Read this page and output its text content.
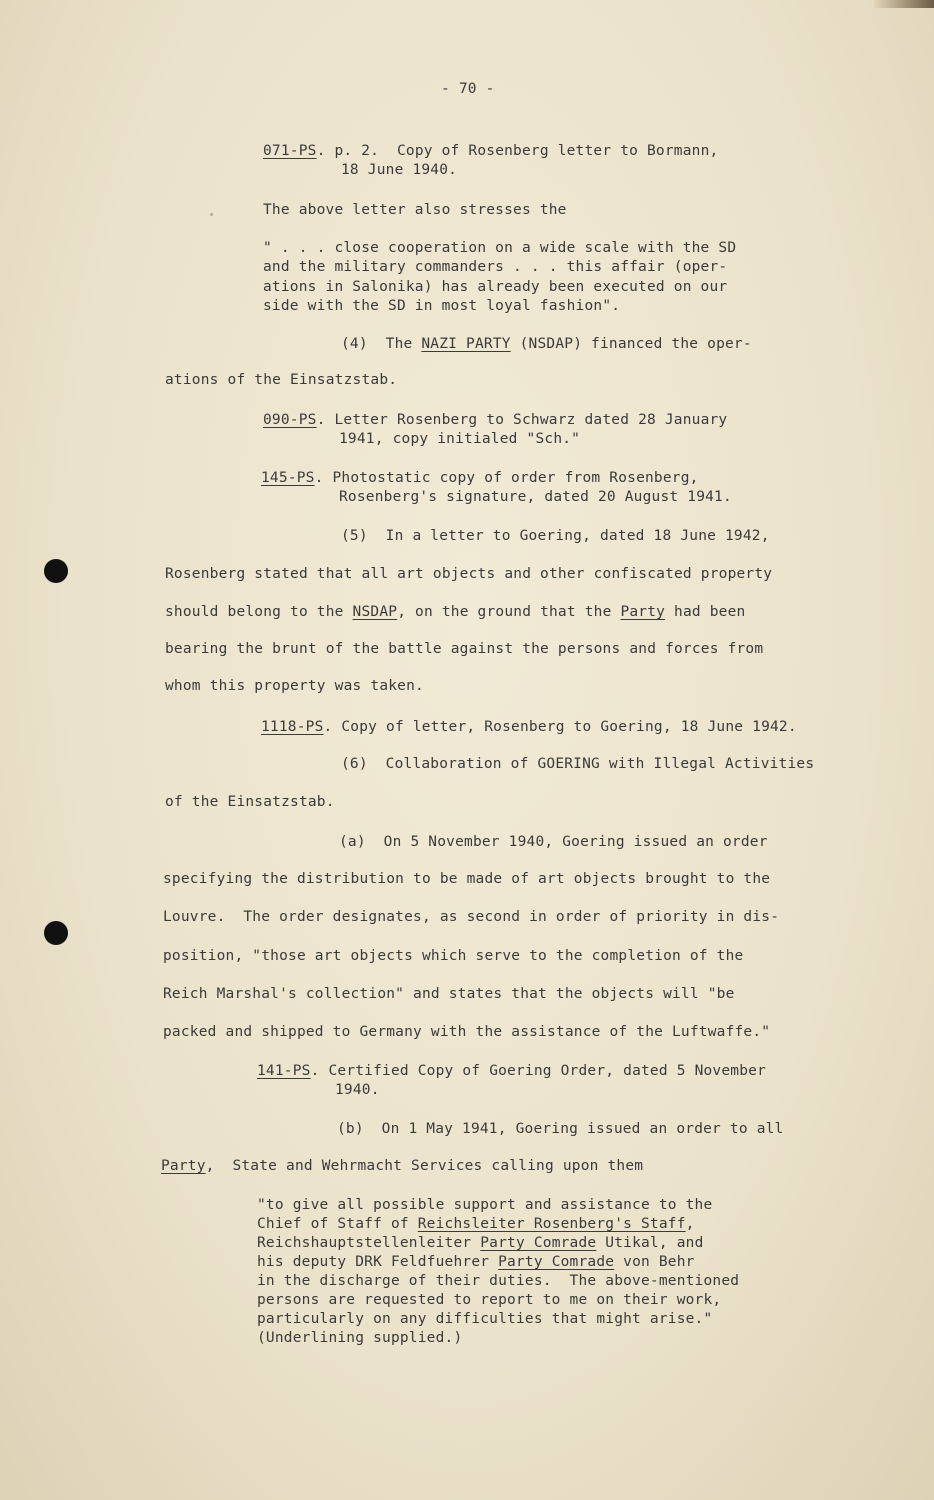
- 70 -
071-PS. p. 2.  Copy of Rosenberg letter to Bormann,
18 June 1940.
The above letter also stresses the
" . . . close cooperation on a wide scale with the SD
and the military commanders . . . this affair (oper-
ations in Salonika) has already been executed on our
side with the SD in most loyal fashion".
(4)  The NAZI PARTY (NSDAP) financed the oper-
ations of the Einsatzstab.
090-PS. Letter Rosenberg to Schwarz dated 28 January
1941, copy initialed "Sch."
145-PS. Photostatic copy of order from Rosenberg,
Rosenberg's signature, dated 20 August 1941.
(5)  In a letter to Goering, dated 18 June 1942,
Rosenberg stated that all art objects and other confiscated property
should belong to the NSDAP, on the ground that the Party had been
bearing the brunt of the battle against the persons and forces from
whom this property was taken.
1118-PS. Copy of letter, Rosenberg to Goering, 18 June 1942.
(6)  Collaboration of GOERING with Illegal Activities
of the Einsatzstab.
(a)  On 5 November 1940, Goering issued an order
specifying the distribution to be made of art objects brought to the
Louvre.  The order designates, as second in order of priority in dis-
position, "those art objects which serve to the completion of the
Reich Marshal's collection" and states that the objects will "be
packed and shipped to Germany with the assistance of the Luftwaffe."
141-PS. Certified Copy of Goering Order, dated 5 November
1940.
(b)  On 1 May 1941, Goering issued an order to all
Party,  State and Wehrmacht Services calling upon them
"to give all possible support and assistance to the
Chief of Staff of Reichsleiter Rosenberg's Staff,
Reichshauptstellenleiter Party Comrade Utikal, and
his deputy DRK Feldfuehrer Party Comrade von Behr
in the discharge of their duties.  The above-mentioned
persons are requested to report to me on their work,
particularly on any difficulties that might arise."
(Underlining supplied.)
